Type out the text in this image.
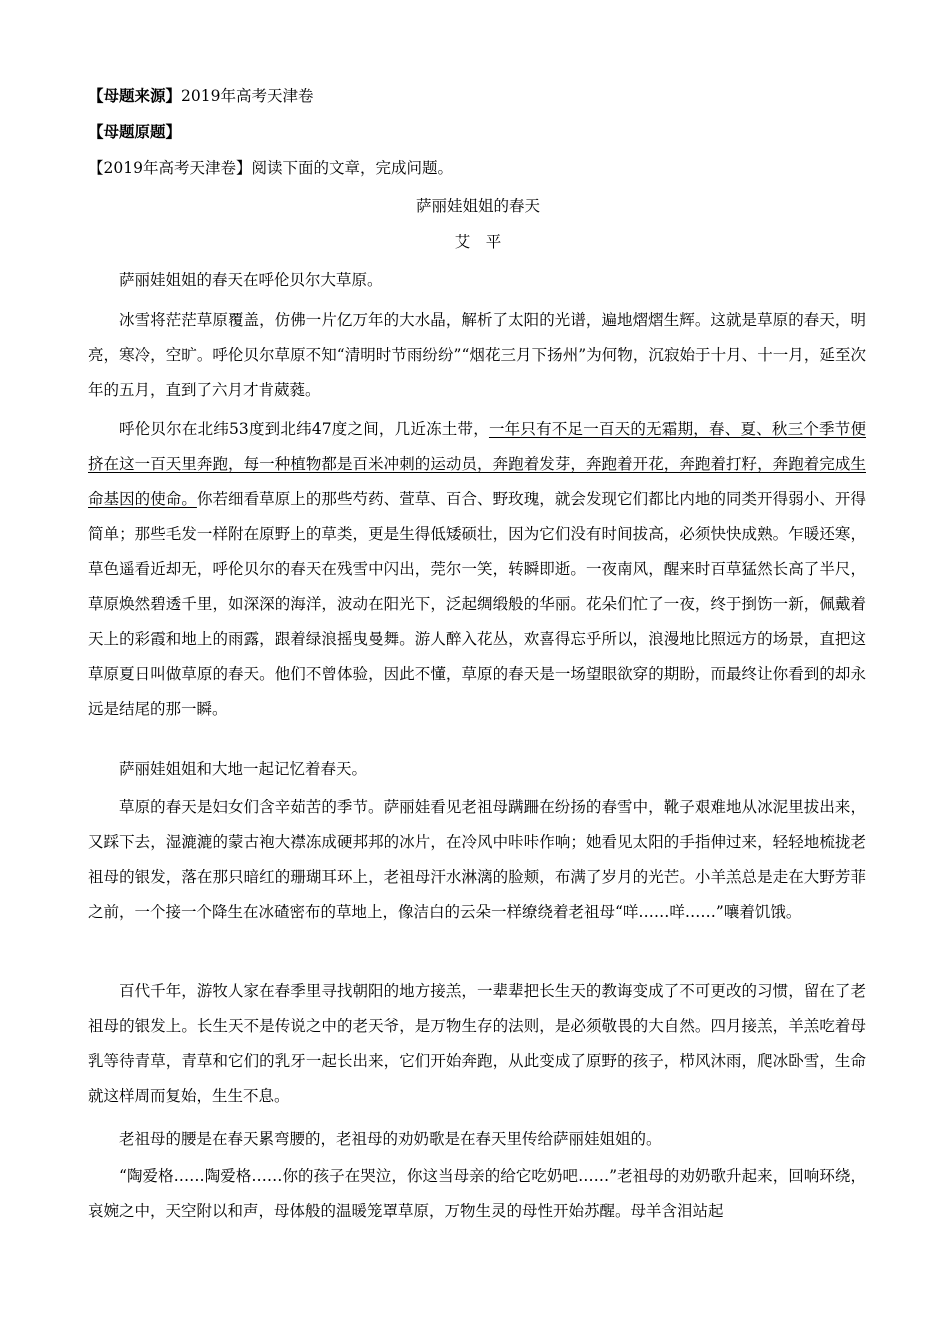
【母题来源】2019年高考天津卷
【母题原题】
【2019年高考天津卷】阅读下面的文章，完成问题。
萨丽娃姐姐的春天
艾　平
萨丽娃姐姐的春天在呼伦贝尔大草原。
冰雪将茫茫草原覆盖，仿佛一片亿万年的大水晶，解析了太阳的光谱，遍地熠熠生辉。这就是草原的春天，明亮，寒冷，空旷。呼伦贝尔草原不知“清明时节雨纷纷”“烟花三月下扬州”为何物，沉寂始于十月、十一月，延至次年的五月，直到了六月才肯葳蕤。
呼伦贝尔在北纬53度到北纬47度之间，几近冻土带，一年只有不足一百天的无霜期，春、夏、秋三个季节便挤在这一百天里奔跑，每一种植物都是百米冲刺的运动员，奔跑着发芽，奔跑着开花，奔跑着打籽，奔跑着完成生命基因的使命。你若细看草原上的那些芍药、萱草、百合、野玫瑰，就会发现它们都比内地的同类开得弱小、开得简单；那些毛发一样附在原野上的草类，更是生得低矮硕壮，因为它们没有时间拔高，必须快快成熟。乍暖还寒，草色遥看近却无，呼伦贝尔的春天在残雪中闪出，莞尔一笑，转瞬即逝。一夜南风，醒来时百草猛然长高了半尺，草原焕然碧透千里，如深深的海洋，波动在阳光下，泛起绸缎般的华丽。花朵们忙了一夜，终于捯饬一新，佩戴着天上的彩霞和地上的雨露，跟着绿浪摇曳曼舞。游人醉入花丛，欢喜得忘乎所以，浪漫地比照远方的场景，直把这草原夏日叫做草原的春天。他们不曾体验，因此不懂，草原的春天是一场望眼欲穿的期盼，而最终让你看到的却永远是结尾的那一瞬。
萨丽娃姐姐和大地一起记忆着春天。
草原的春天是妇女们含辛茹苦的季节。萨丽娃看见老祖母蹒跚在纷扬的春雪中，靴子艰难地从冰泥里拔出来，又踩下去，湿漉漉的蒙古袍大襟冻成硬邦邦的冰片，在冷风中咔咔作响；她看见太阳的手指伸过来，轻轻地梳拢老祖母的银发，落在那只暗红的珊瑚耳环上，老祖母汗水淋漓的脸颊，布满了岁月的光芒。小羊羔总是走在大野芳菲之前，一个接一个降生在冰碴密布的草地上，像洁白的云朵一样缭绕着老祖母“咩……咩……”嚷着饥饿。
百代千年，游牧人家在春季里寻找朝阳的地方接羔，一辈辈把长生天的教诲变成了不可更改的习惯，留在了老祖母的银发上。长生天不是传说之中的老天爷，是万物生存的法则，是必须敬畏的大自然。四月接羔，羊羔吃着母乳等待青草，青草和它们的乳牙一起长出来，它们开始奔跑，从此变成了原野的孩子，栉风沐雨，爬冰卧雪，生命就这样周而复始，生生不息。
老祖母的腰是在春天累弯腰的，老祖母的劝奶歌是在春天里传给萨丽娃姐姐的。
“陶爱格……陶爱格……你的孩子在哭泣，你这当母亲的给它吃奶吧……”老祖母的劝奶歌升起来，回响环绕，哀婉之中，天空附以和声，母体般的温暖笼罩草原，万物生灵的母性开始苏醒。母羊含泪站起
